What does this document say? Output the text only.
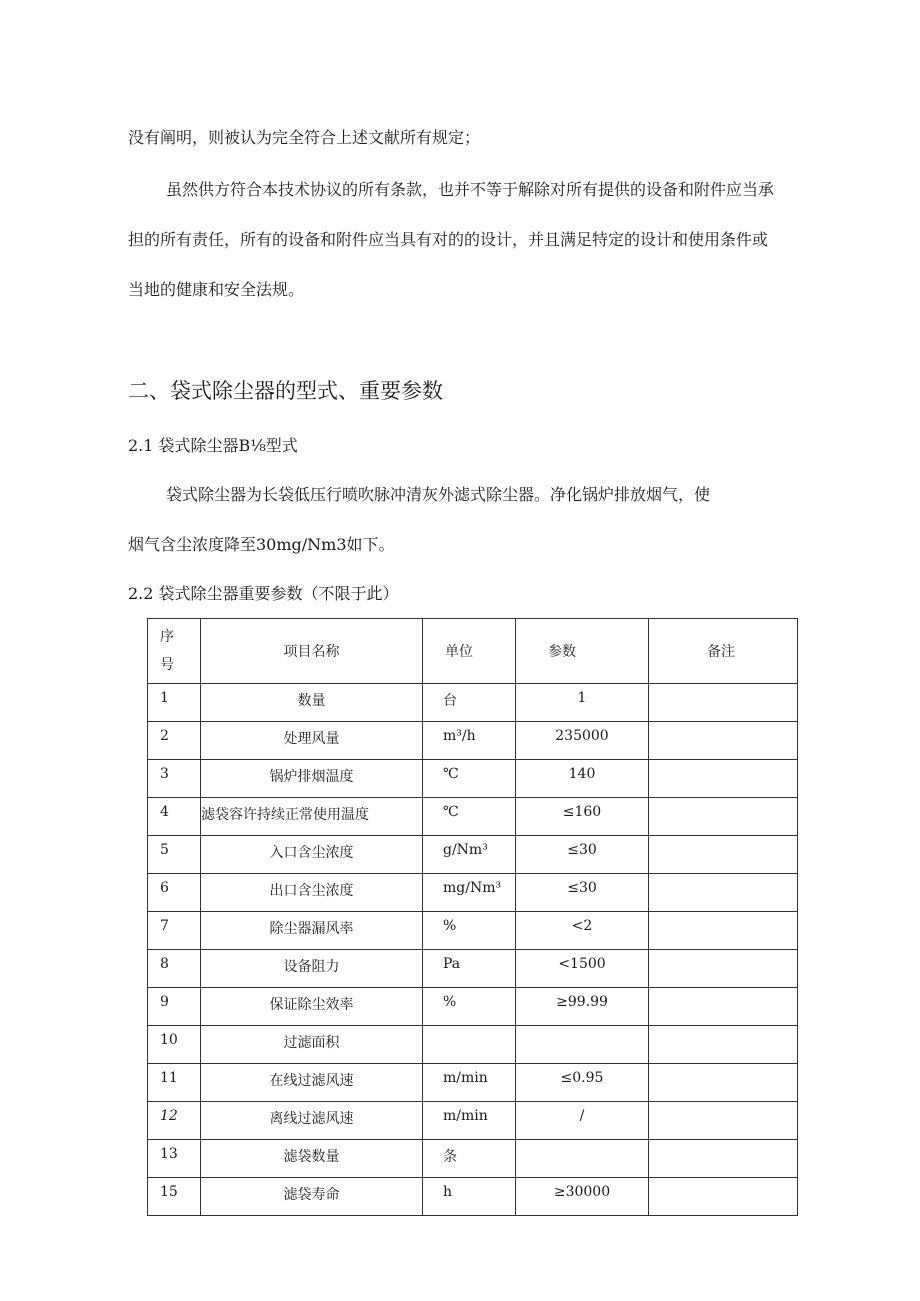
没有阐明，则被认为完全符合上述文献所有规定；
虽然供方符合本技术协议的所有条款，也并不等于解除对所有提供的设备和附件应当承
担的所有责任，所有的设备和附件应当具有对的的设计，并且满足特定的设计和使用条件或
当地的健康和安全法规。
二、袋式除尘器的型式、重要参数
2.1 袋式除尘器B⅛型式
袋式除尘器为长袋低压行喷吹脉冲清灰外滤式除尘器。净化锅炉排放烟气，使
烟气含尘浓度降至30mg∕Nm3如下。
2.2 袋式除尘器重要参数（不限于此）
序号	项目名称	单位	参数	备注
1	数量	台	1	
2	处理风量	m³∕h	235000	
3	锅炉排烟温度	℃	140	
4	滤袋容许持续正常使用温度	℃	≤160	
5	入口含尘浓度	g∕Nm³	≤30	
6	出口含尘浓度	mg∕Nm³	≤30	
7	除尘器漏风率	%	<2	
8	设备阻力	Pa	<1500	
9	保证除尘效率	%	≥99.99	
10	过滤面积			
11	在线过滤风速	m/min	≤0.95	
12	离线过滤风速	m/min	/	
13	滤袋数量	条		
15	滤袋寿命	h	≥30000	
